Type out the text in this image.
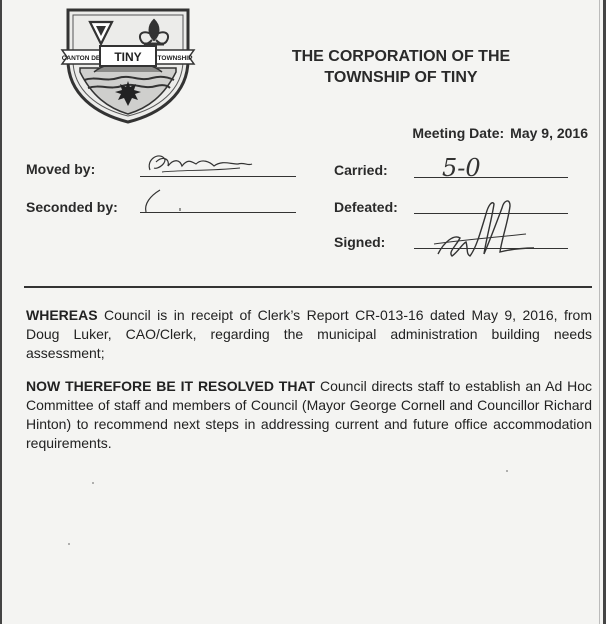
CANTON DE TINY TOWNSHIP	THE CORPORATION OF THE
TOWNSHIP OF TINY
Meeting Date: May 9, 2016
Moved by:
Seconded by:
Carried: 5-0
Defeated:
Signed:
WHEREAS Council is in receipt of Clerk’s Report CR-013-16 dated May 9, 2016, from Doug Luker, CAO/Clerk, regarding the municipal administration building needs assessment;
NOW THEREFORE BE IT RESOLVED THAT Council directs staff to establish an Ad Hoc Committee of staff and members of Council (Mayor George Cornell and Councillor Richard Hinton) to recommend next steps in addressing current and future office accommodation requirements.
